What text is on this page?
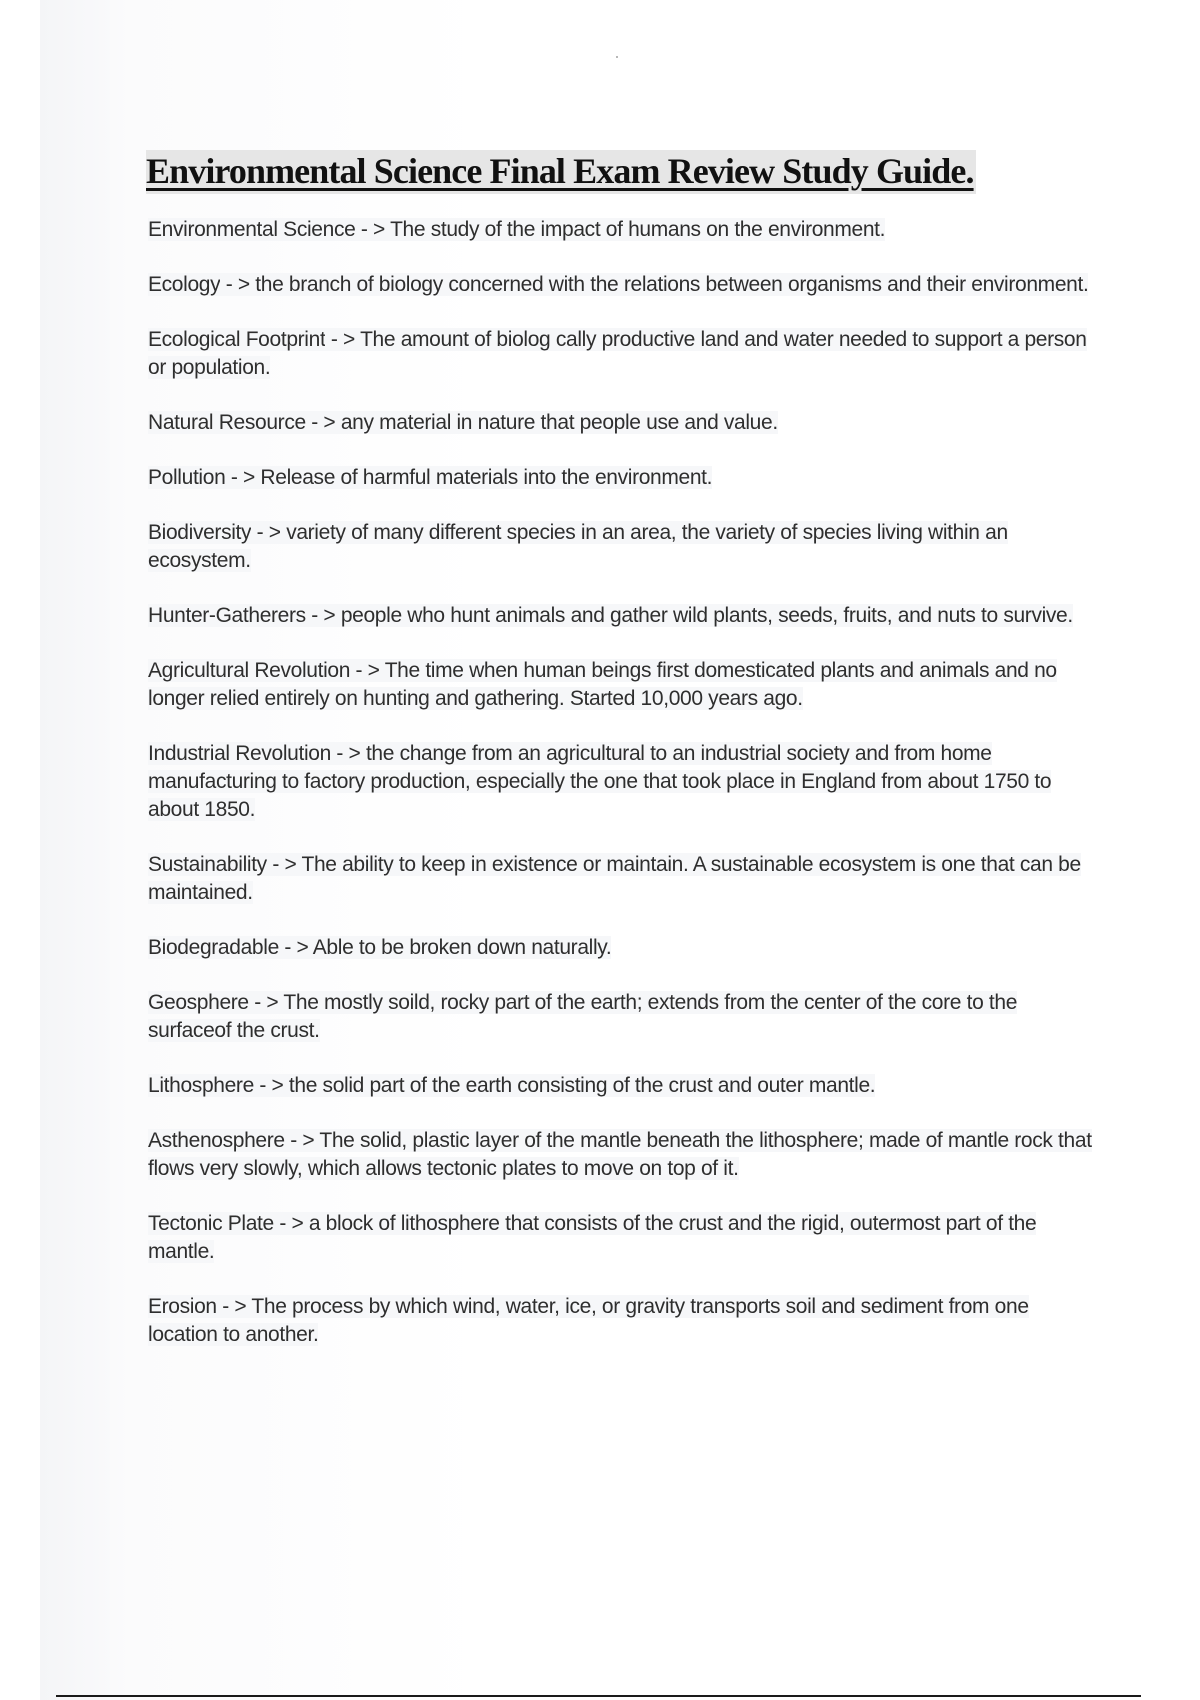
Environmental Science Final Exam Review Study Guide.
Environmental Science - > The study of the impact of humans on the environment.
Ecology - > the branch of biology concerned with the relations between organisms and their environment.
Ecological Footprint - > The amount of biolog cally productive land and water needed to support a person or population.
Natural Resource - > any material in nature that people use and value.
Pollution - > Release of harmful materials into the environment.
Biodiversity - > variety of many different species in an area, the variety of species living within an ecosystem.
Hunter-Gatherers - > people who hunt animals and gather wild plants, seeds, fruits, and nuts to survive.
Agricultural Revolution - > The time when human beings first domesticated plants and animals and no longer relied entirely on hunting and gathering. Started 10,000 years ago.
Industrial Revolution - > the change from an agricultural to an industrial society and from home manufacturing to factory production, especially the one that took place in England from about 1750 to about 1850.
Sustainability - > The ability to keep in existence or maintain. A sustainable ecosystem is one that can be maintained.
Biodegradable - > Able to be broken down naturally.
Geosphere - > The mostly soild, rocky part of the earth; extends from the center of the core to the surfaceof the crust.
Lithosphere - > the solid part of the earth consisting of the crust and outer mantle.
Asthenosphere - > The solid, plastic layer of the mantle beneath the lithosphere; made of mantle rock that flows very slowly, which allows tectonic plates to move on top of it.
Tectonic Plate - > a block of lithosphere that consists of the crust and the rigid, outermost part of the mantle.
Erosion - > The process by which wind, water, ice, or gravity transports soil and sediment from one location to another.
